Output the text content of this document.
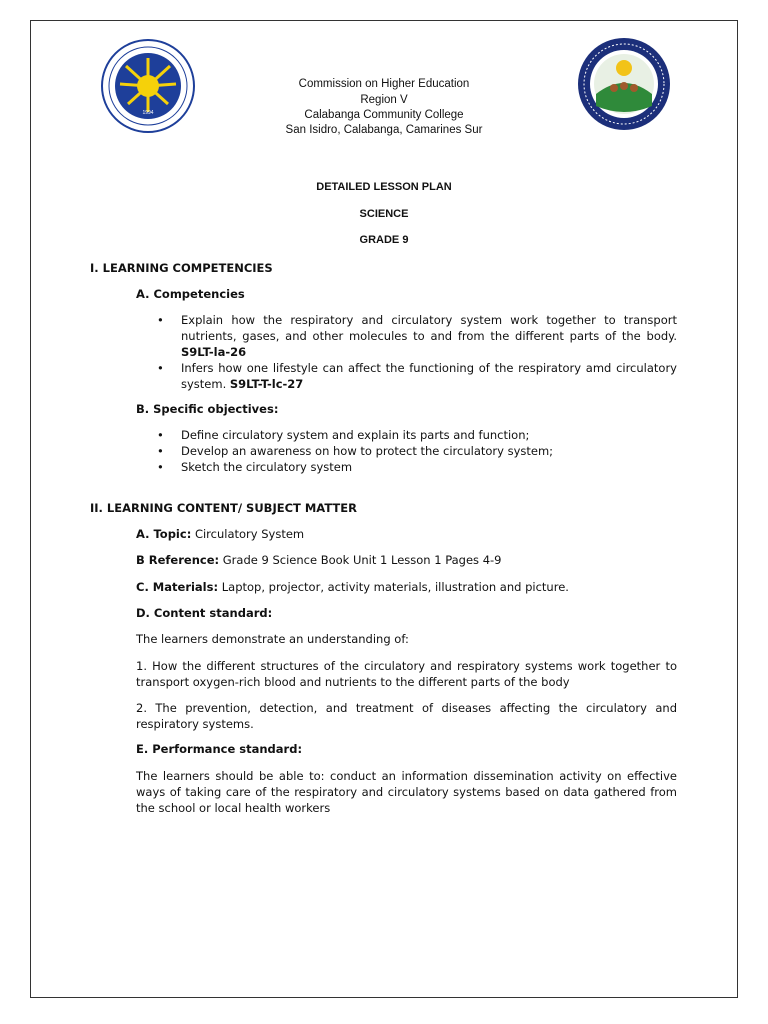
1994
Commission on Higher Education
Region V
Calabanga Community College
San Isidro, Calabanga, Camarines Sur
DETAILED LESSON PLAN
SCIENCE
GRADE 9
I. LEARNING COMPETENCIES
A. Competencies
• Explain how the respiratory and circulatory system work together to transport nutrients, gases, and other molecules to and from the different parts of the body. S9LT-la-26
• Infers how one lifestyle can affect the functioning of the respiratory amd circulatory system. S9LT-T-lc-27
B. Specific objectives:
• Define circulatory system and explain its parts and function;
• Develop an awareness on how to protect the circulatory system;
• Sketch the circulatory system
II. LEARNING CONTENT/ SUBJECT MATTER
A. Topic: Circulatory System
B Reference: Grade 9 Science Book Unit 1 Lesson 1 Pages 4-9
C. Materials: Laptop, projector, activity materials, illustration and picture.
D. Content standard:
The learners demonstrate an understanding of:
1. How the different structures of the circulatory and respiratory systems work together to transport oxygen-rich blood and nutrients to the different parts of the body
2. The prevention, detection, and treatment of diseases affecting the circulatory and respiratory systems.
E. Performance standard:
The learners should be able to: conduct an information dissemination activity on effective ways of taking care of the respiratory and circulatory systems based on data gathered from the school or local health workers
